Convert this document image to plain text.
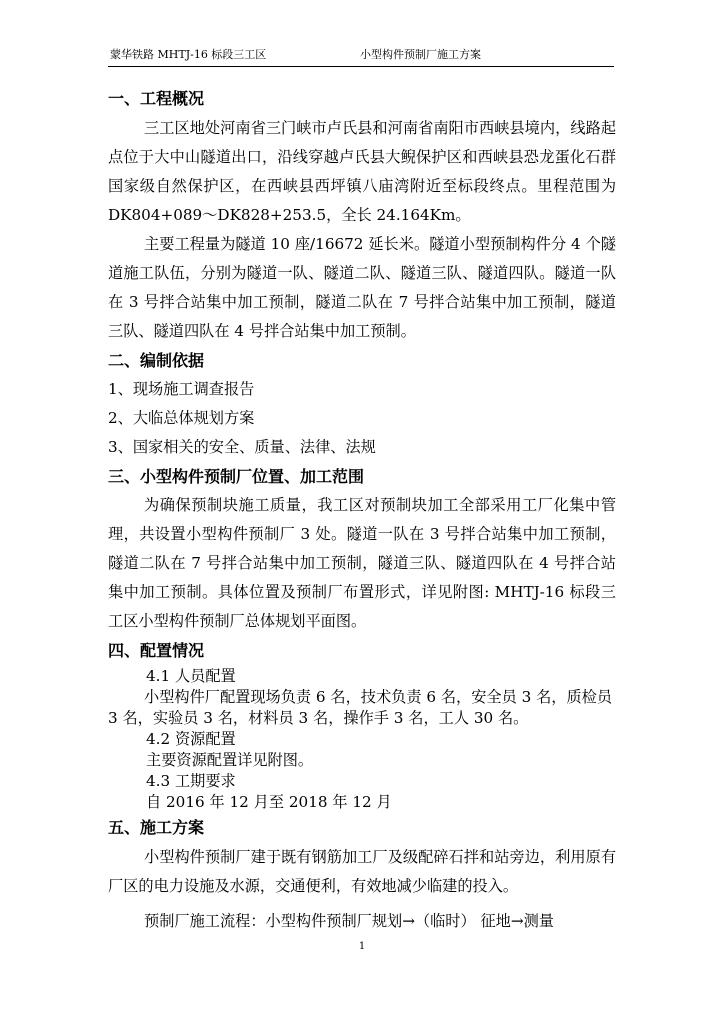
蒙华铁路 MHTJ-16 标段三工区	小型构件预制厂施工方案
一、工程概况

三工区地处河南省三门峡市卢氏县和河南省南阳市西峡县境内，线路起点位于大中山隧道出口，沿线穿越卢氏县大鲵保护区和西峡县恐龙蛋化石群国家级自然保护区，在西峡县西坪镇八庙湾附近至标段终点。里程范围为 DK804+089～DK828+253.5，全长 24.164Km。

主要工程量为隧道 10 座/16672 延长米。隧道小型预制构件分 4 个隧道施工队伍，分别为隧道一队、隧道二队、隧道三队、隧道四队。隧道一队在 3 号拌合站集中加工预制，隧道二队在 7 号拌合站集中加工预制，隧道三队、隧道四队在 4 号拌合站集中加工预制。

二、编制依据

1、现场施工调查报告

2、大临总体规划方案

3、国家相关的安全、质量、法律、法规

三、小型构件预制厂位置、加工范围

为确保预制块施工质量，我工区对预制块加工全部采用工厂化集中管理，共设置小型构件预制厂 3 处。隧道一队在 3 号拌合站集中加工预制，隧道二队在 7 号拌合站集中加工预制，隧道三队、隧道四队在 4 号拌合站集中加工预制。具体位置及预制厂布置形式，详见附图: MHTJ-16 标段三工区小型构件预制厂总体规划平面图。

四、配置情况

4.1 人员配置

小型构件厂配置现场负责 6 名，技术负责 6 名，安全员 3 名，质检员 3 名，实验员 3 名，材料员 3 名，操作手 3 名，工人 30 名。

4.2 资源配置

主要资源配置详见附图。

4.3 工期要求

自 2016 年 12 月至 2018 年 12 月

五、施工方案

小型构件预制厂建于既有钢筋加工厂及级配碎石拌和站旁边，利用原有厂区的电力设施及水源，交通便利，有效地减少临建的投入。

预制厂施工流程：小型构件预制厂规划→（临时） 征地→测量

1
